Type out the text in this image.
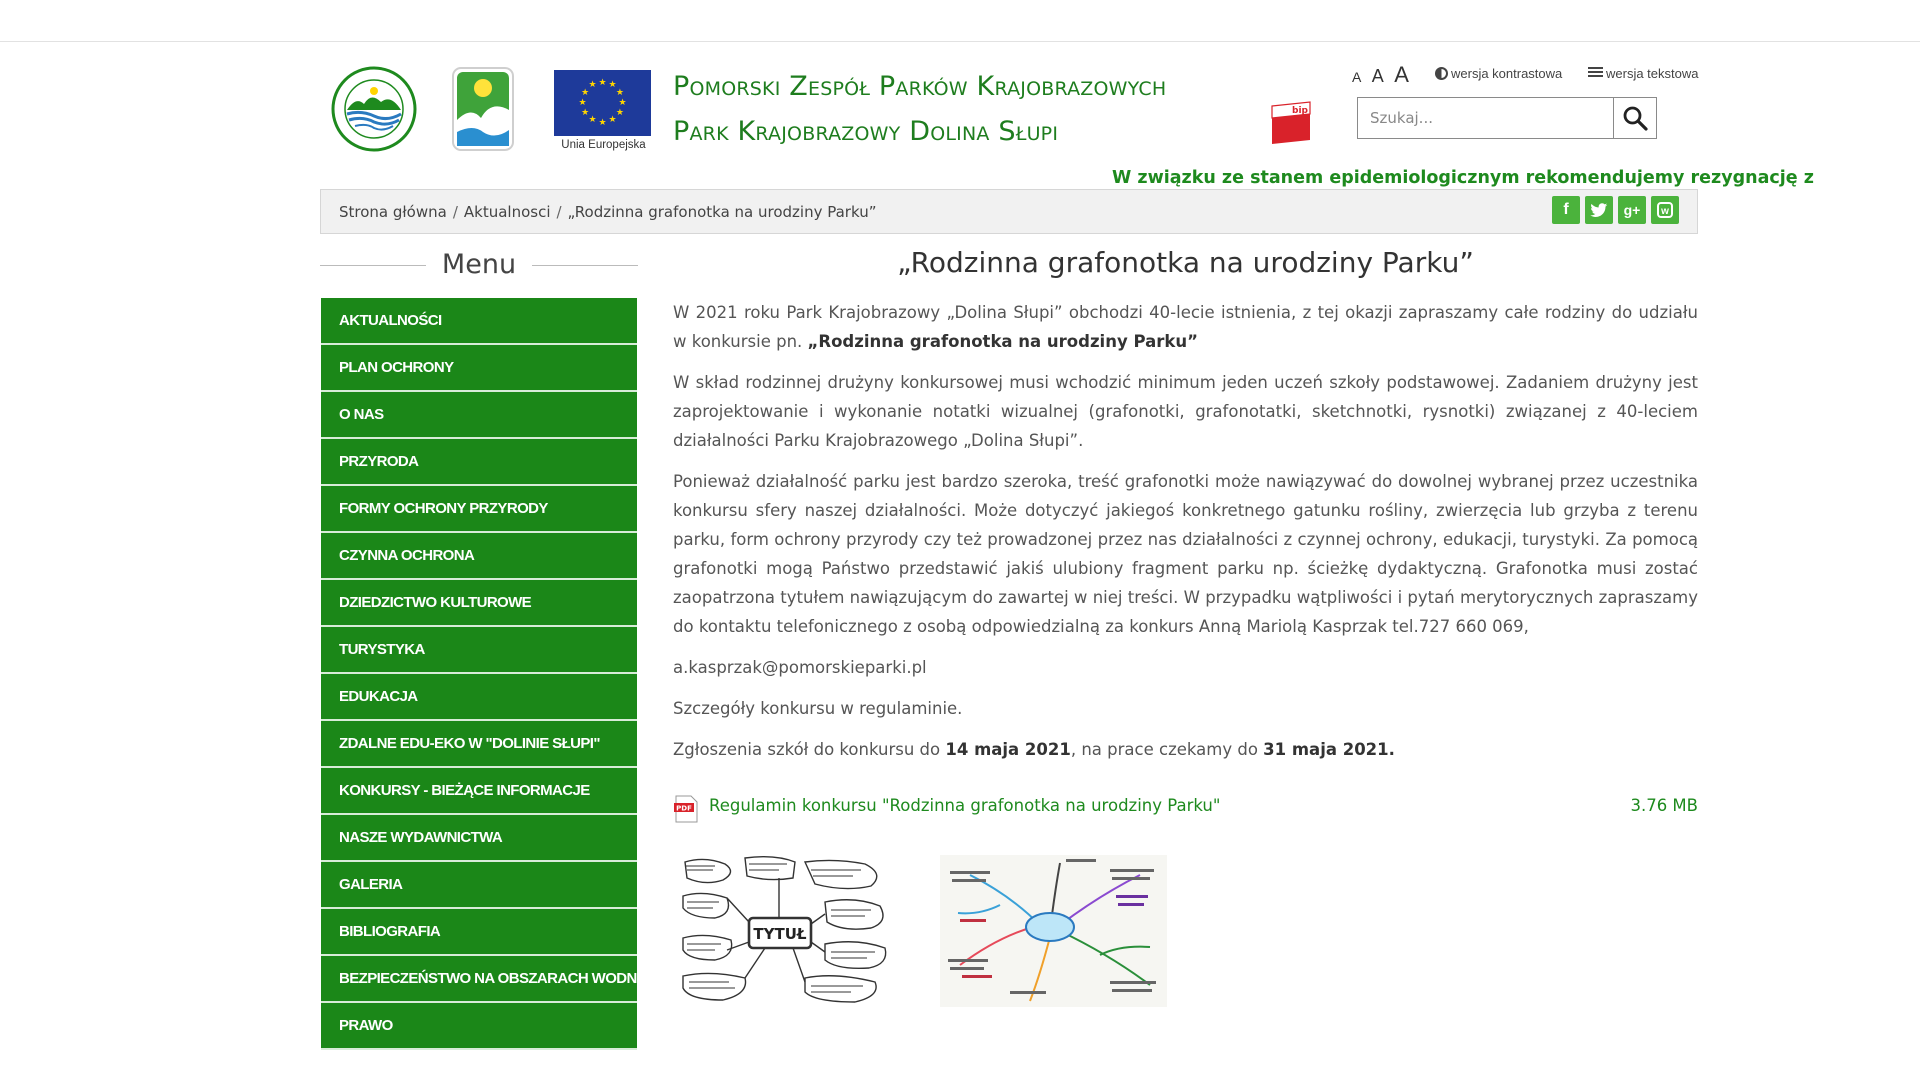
★ ★
★
★
★
★
★
★
★
★
★
★
Unia Europejska
Pomorski Zespół Parków Krajobrazowych
Park Krajobrazowy Dolina Słupi
bip
A A A	wersja kontrastowa	wersja tekstowa
Szukaj...
W związku ze stanem epidemiologicznym rekomendujemy rezygnację z
Strona główna / Aktualnosci / „Rodzinna grafonotka na urodziny Parku”	f	g+	w
Menu
AKTUALNOŚCI
PLAN OCHRONY
O NAS
PRZYRODA
FORMY OCHRONY PRZYRODY
CZYNNA OCHRONA
DZIEDZICTWO KULTUROWE
TURYSTYKA
EDUKACJA
ZDALNE EDU-EKO W "DOLINIE SŁUPI"
KONKURSY - BIEŻĄCE INFORMACJE
NASZE WYDAWNICTWA
GALERIA
BIBLIOGRAFIA
BEZPIECZEŃSTWO NA OBSZARACH WODNYCH
PRAWO
„Rodzinna grafonotka na urodziny Parku”

W 2021 roku Park Krajobrazowy „Dolina Słupi” obchodzi 40-lecie istnienia, z tej okazji zapraszamy całe rodziny do udziału w konkursie pn. „Rodzinna grafonotka na urodziny Parku”

W skład rodzinnej drużyny konkursowej musi wchodzić minimum jeden uczeń szkoły podstawowej. Zadaniem drużyny jest zaprojektowanie i wykonanie notatki wizualnej (grafonotki, grafonotatki, sketchnotki, rysnotki) związanej z 40-leciem działalności Parku Krajobrazowego „Dolina Słupi”.

Ponieważ działalność parku jest bardzo szeroka, treść grafonotki może nawiązywać do dowolnej wybranej przez uczestnika konkursu sfery naszej działalności. Może dotyczyć jakiegoś konkretnego gatunku rośliny, zwierzęcia lub grzyba z terenu parku, form ochrony przyrody czy też prowadzonej przez nas działalności z czynnej ochrony, edukacji, turystyki. Za pomocą grafonotki mogą Państwo przedstawić jakiś ulubiony fragment parku np. ścieżkę dydaktyczną. Grafonotka musi zostać zaopatrzona tytułem nawiązującym do zawartej w niej treści. W przypadku wątpliwości i pytań merytorycznych zapraszamy do kontaktu telefonicznego z osobą odpowiedzialną za konkurs Anną Mariolą Kasprzak tel.727 660 069,

a.kasprzak@pomorskieparki.pl

Szczegóły konkursu w regulaminie.

Zgłoszenia szkół do konkursu do 14 maja 2021, na prace czekamy do 31 maja 2021.

PDF Regulamin konkursu "Rodzinna grafonotka na urodziny Parku"	3.76 MB
TYTUŁ
